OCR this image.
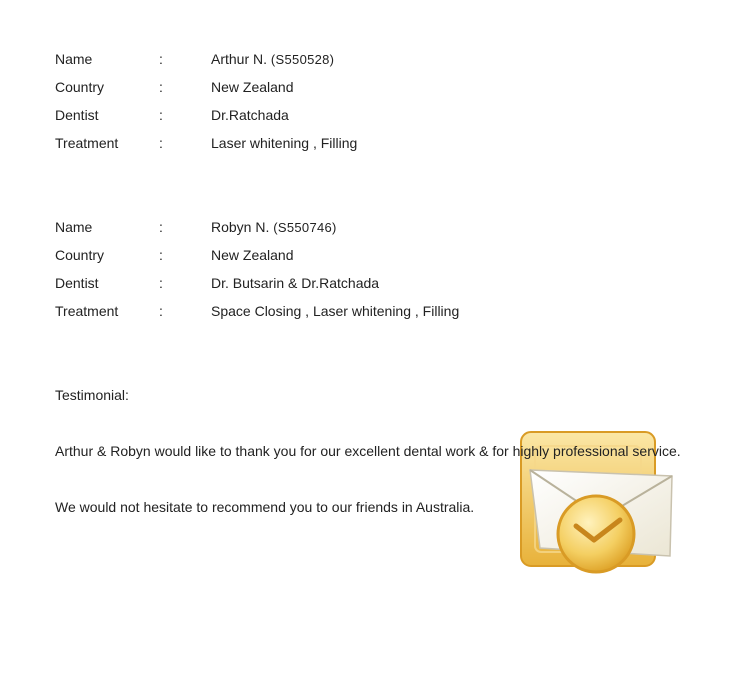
Name	:	Arthur N. (S550528)
Country	:	New Zealand
Dentist	:	Dr.Ratchada
Treatment	:	Laser whitening , Filling
Name	:	Robyn N. (S550746)
Country	:	New Zealand
Dentist	:	Dr. Butsarin & Dr.Ratchada
Treatment	:	Space Closing , Laser whitening , Filling
Testimonial:
Arthur & Robyn would like to thank you for our excellent dental work & for highly professional service.
We would not hesitate to recommend you to our friends in Australia.
